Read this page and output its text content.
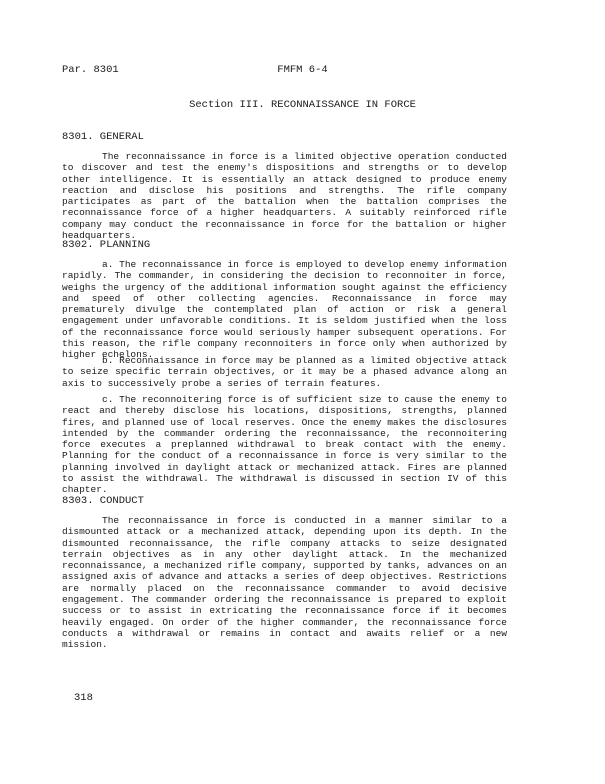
Par. 8301	FMFM 6-4
Section III. RECONNAISSANCE IN FORCE
8301. GENERAL

The reconnaissance in force is a limited objective operation conducted to discover and test the enemy's dispositions and strengths or to develop other intelligence. It is essentially an attack designed to produce enemy reaction and disclose his positions and strengths. The rifle company participates as part of the battalion when the battalion comprises the reconnaissance force of a higher headquarters. A suitably reinforced rifle company may conduct the reconnaissance in force for the battalion or higher headquarters.

8302. PLANNING

a. The reconnaissance in force is employed to develop enemy information rapidly. The commander, in considering the decision to reconnoiter in force, weighs the urgency of the additional information sought against the efficiency and speed of other collecting agencies. Reconnaissance in force may prematurely divulge the contemplated plan of action or risk a general engagement under unfavorable conditions. It is seldom justified when the loss of the reconnaissance force would seriously hamper subsequent operations. For this reason, the rifle company reconnoiters in force only when authorized by higher echelons.

b. Reconnaissance in force may be planned as a limited objective attack to seize specific terrain objectives, or it may be a phased advance along an axis to successively probe a series of terrain features.

c. The reconnoitering force is of sufficient size to cause the enemy to react and thereby disclose his locations, dispositions, strengths, planned fires, and planned use of local reserves. Once the enemy makes the disclosures intended by the commander ordering the reconnaissance, the reconnoitering force executes a preplanned withdrawal to break contact with the enemy. Planning for the conduct of a reconnaissance in force is very similar to the planning involved in daylight attack or mechanized attack. Fires are planned to assist the withdrawal. The withdrawal is discussed in section IV of this chapter.

8303. CONDUCT

The reconnaissance in force is conducted in a manner similar to a dismounted attack or a mechanized attack, depending upon its depth. In the dismounted reconnaissance, the rifle company attacks to seize designated terrain objectives as in any other daylight attack. In the mechanized reconnaissance, a mechanized rifle company, supported by tanks, advances on an assigned axis of advance and attacks a series of deep objectives. Restrictions are normally placed on the reconnaissance commander to avoid decisive engagement. The commander ordering the reconnaissance is prepared to exploit success or to assist in extricating the reconnaissance force if it becomes heavily engaged. On order of the higher commander, the reconnaissance force conducts a withdrawal or remains in contact and awaits relief or a new mission.

318
